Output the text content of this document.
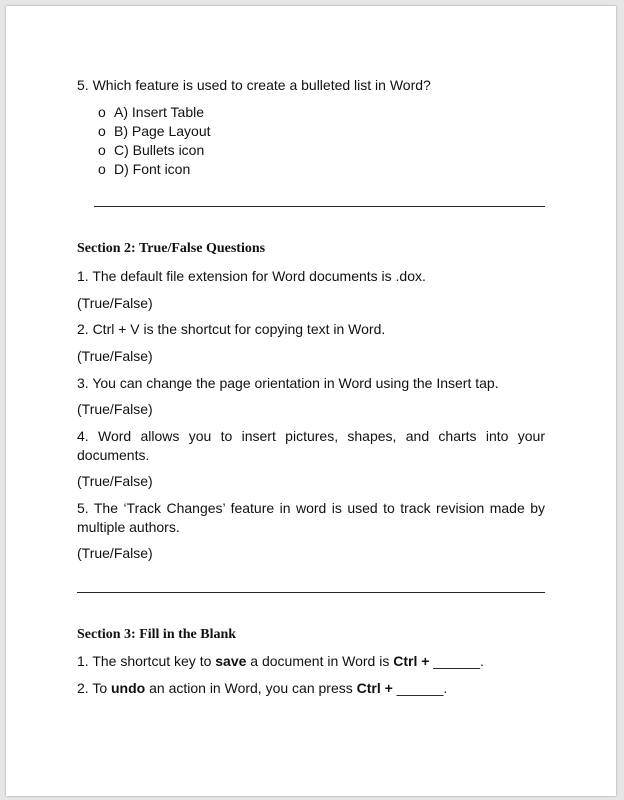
5. Which feature is used to create a bulleted list in Word?
o A) Insert Table
o B) Page Layout
o C) Bullets icon
o D) Font icon
Section 2: True/False Questions
1. The default file extension for Word documents is .dox.
(True/False)
2. Ctrl + V is the shortcut for copying text in Word.
(True/False)
3. You can change the page orientation in Word using the Insert tap.
(True/False)
4. Word allows you to insert pictures, shapes, and charts into your
documents.
(True/False)
5. The ‘Track Changes’ feature in word is used to track revision made by
multiple authors.
(True/False)
Section 3: Fill in the Blank
1. The shortcut key to save a document in Word is Ctrl + ______.
2. To undo an action in Word, you can press Ctrl + ______.
